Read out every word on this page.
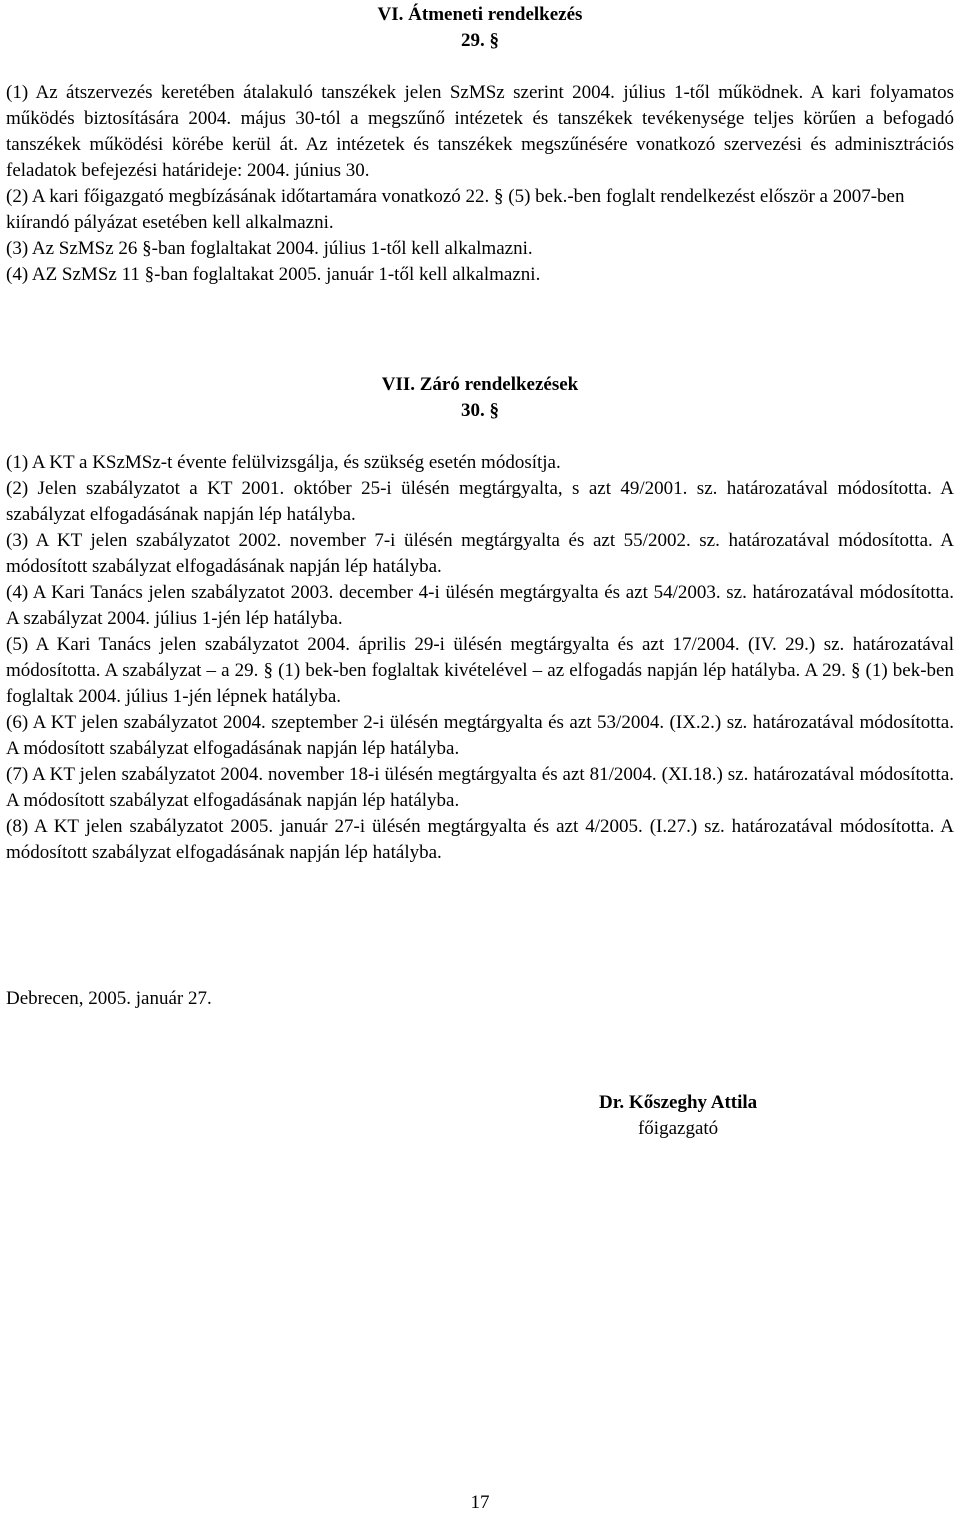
VI. Átmeneti rendelkezés
29. §

(1) Az átszervezés keretében átalakuló tanszékek jelen SzMSz szerint 2004. július 1-től működnek. A kari folyamatos működés biztosítására 2004. május 30-tól a megszűnő intézetek és tanszékek tevékenysége teljes körűen a befogadó tanszékek működési körébe kerül át. Az intézetek és tanszékek megszűnésére vonatkozó szervezési és adminisztrációs feladatok befejezési határideje: 2004. június 30.

(2) A kari főigazgató megbízásának időtartamára vonatkozó 22. § (5) bek.-ben foglalt rendelkezést először a 2007-ben kiírandó pályázat esetében kell alkalmazni.

(3) Az SzMSz 26 §-ban foglaltakat 2004. július 1-től kell alkalmazni.

(4) AZ SzMSz 11 §-ban foglaltakat 2005. január 1-től kell alkalmazni.

VII. Záró rendelkezések
30. §

(1) A KT a KSzMSz-t évente felülvizsgálja, és szükség esetén módosítja.

(2) Jelen szabályzatot a KT 2001. október 25-i ülésén megtárgyalta, s azt 49/2001. sz. határozatával módosította. A szabályzat elfogadásának napján lép hatályba.

(3) A KT jelen szabályzatot 2002. november 7-i ülésén megtárgyalta és azt 55/2002. sz. határozatával módosította. A módosított szabályzat elfogadásának napján lép hatályba.

(4) A Kari Tanács jelen szabályzatot 2003. december 4-i ülésén megtárgyalta és azt 54/2003. sz. határozatával módosította. A szabályzat 2004. július 1-jén lép hatályba.

(5) A Kari Tanács jelen szabályzatot 2004. április 29-i ülésén megtárgyalta és azt 17/2004. (IV. 29.) sz. határozatával módosította. A szabályzat – a 29. § (1) bek-ben foglaltak kivételével – az elfogadás napján lép hatályba. A 29. § (1) bek-ben foglaltak 2004. július 1-jén lépnek hatályba.

(6) A KT jelen szabályzatot 2004. szeptember 2-i ülésén megtárgyalta és azt 53/2004. (IX.2.) sz. határozatával módosította. A módosított szabályzat elfogadásának napján lép hatályba.

(7) A KT jelen szabályzatot 2004. november 18-i ülésén megtárgyalta és azt 81/2004. (XI.18.) sz. határozatával módosította. A módosított szabályzat elfogadásának napján lép hatályba.

(8) A KT jelen szabályzatot 2005. január 27-i ülésén megtárgyalta és azt 4/2005. (I.27.) sz. határozatával módosította. A módosított szabályzat elfogadásának napján lép hatályba.

Debrecen, 2005. január 27.
Dr. Kőszeghy Attila
főigazgató
17
